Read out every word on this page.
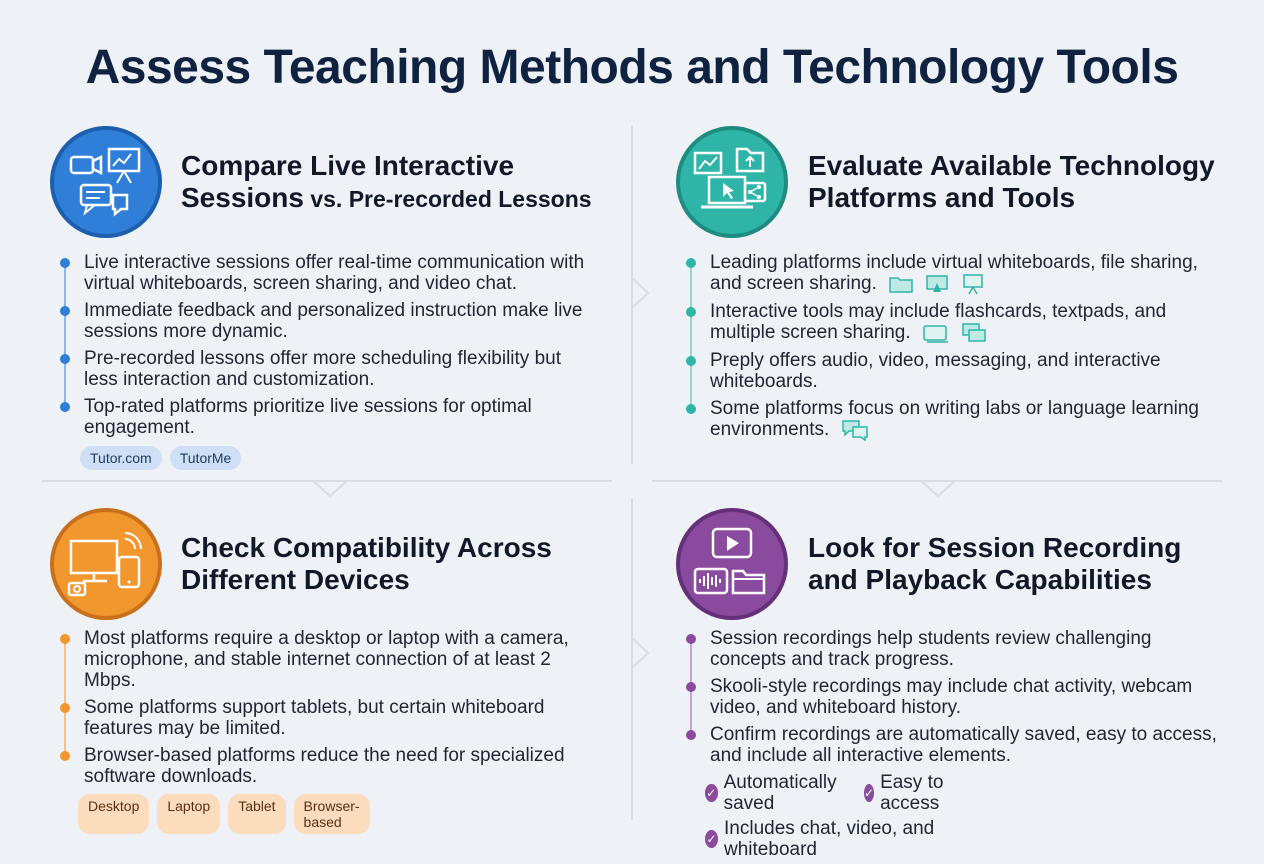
Assess Teaching Methods and Technology Tools
Compare Live Interactive
Sessions vs. Pre-recorded Lessons
Live interactive sessions offer real-time communication with virtual whiteboards, screen sharing, and video chat.
Immediate feedback and personalized instruction make live sessions more dynamic.
Pre-recorded lessons offer more scheduling flexibility but less interaction and customization.
Top-rated platforms prioritize live sessions for optimal engagement.
Tutor.com	TutorMe
Evaluate Available Technology
Platforms and Tools
Leading platforms include virtual whiteboards, file sharing, and screen sharing.
Interactive tools may include flashcards, textpads, and multiple screen sharing.
Preply offers audio, video, messaging, and interactive whiteboards.
Some platforms focus on writing labs or language learning environments.
Check Compatibility Across
Different Devices
Most platforms require a desktop or laptop with a camera, microphone, and stable internet connection of at least 2 Mbps.
Some platforms support tablets, but certain whiteboard features may be limited.
Browser-based platforms reduce the need for specialized software downloads.
Desktop	Laptop	Tablet	Browser-based
Look for Session Recording
and Playback Capabilities
Session recordings help students review challenging concepts and track progress.
Skooli-style recordings may include chat activity, webcam video, and whiteboard history.
Confirm recordings are automatically saved, easy to access, and include all interactive elements.
✓ Automatically saved
✓ Easy to access
✓ Includes chat, video, and whiteboard
